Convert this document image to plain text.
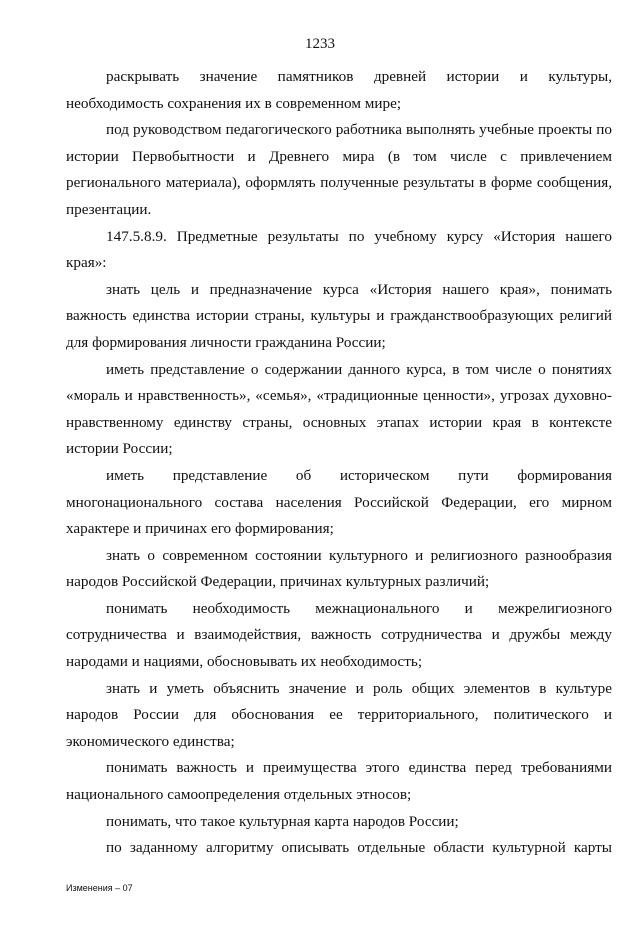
1233

раскрывать значение памятников древней истории и культуры, необходимость сохранения их в современном мире;

под руководством педагогического работника выполнять учебные проекты по истории Первобытности и Древнего мира (в том числе с привлечением регионального материала), оформлять полученные результаты в форме сообщения, презентации.

147.5.8.9. Предметные результаты по учебному курсу «История нашего края»:

знать цель и предназначение курса «История нашего края», понимать важность единства истории страны, культуры и гражданствообразующих религий для формирования личности гражданина России;

иметь представление о содержании данного курса, в том числе о понятиях «мораль и нравственность», «семья», «традиционные ценности», угрозах духовно-нравственному единству страны, основных этапах истории края в контексте истории России;

иметь представление об историческом пути формирования многонационального состава населения Российской Федерации, его мирном характере и причинах его формирования;

знать о современном состоянии культурного и религиозного разнообразия народов Российской Федерации, причинах культурных различий;

понимать необходимость межнационального и межрелигиозного сотрудничества и взаимодействия, важность сотрудничества и дружбы между народами и нациями, обосновывать их необходимость;

знать и уметь объяснить значение и роль общих элементов в культуре народов России для обоснования ее территориального, политического и экономического единства;

понимать важность и преимущества этого единства перед требованиями национального самоопределения отдельных этносов;

понимать, что такое культурная карта народов России;

по заданному алгоритму описывать отдельные области культурной карты

Изменения – 07
